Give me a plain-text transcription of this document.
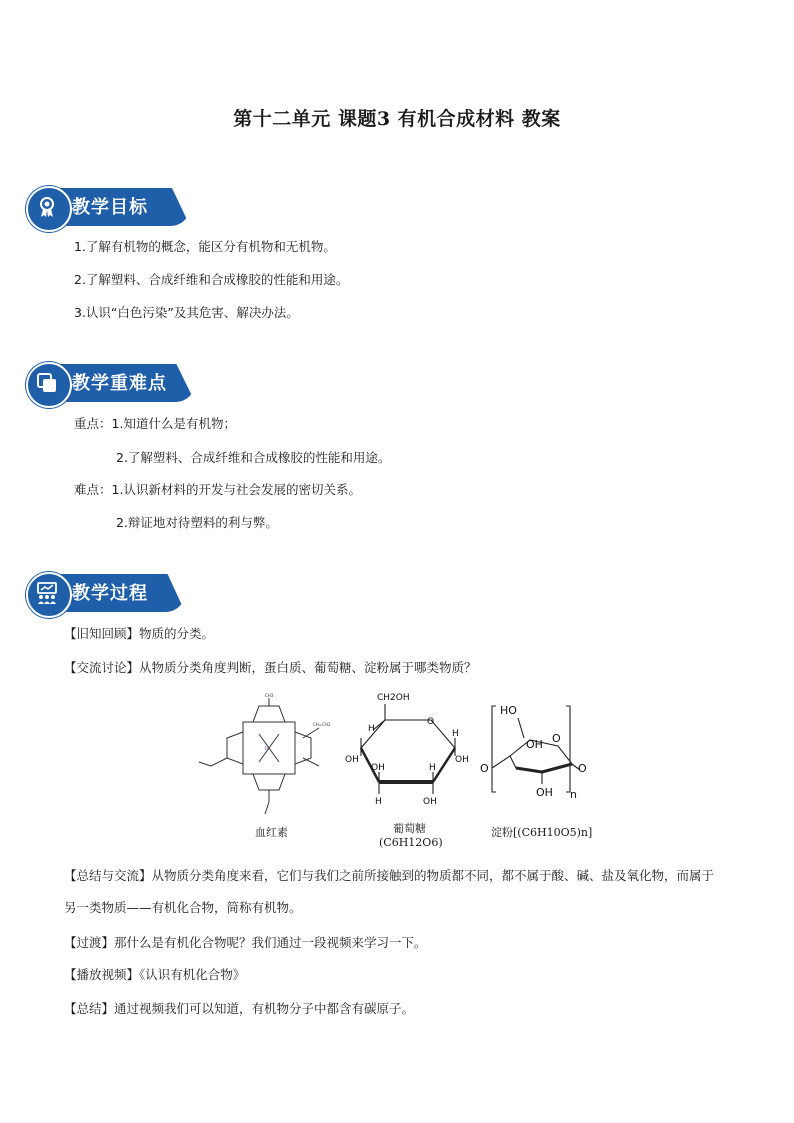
第十二单元 课题3 有机合成材料 教案
教学目标
1.了解有机物的概念，能区分有机物和无机物。
2.了解塑料、合成纤维和合成橡胶的性能和用途。
3.认识“白色污染”及其危害、解决办法。
教学重难点
重点：1.知道什么是有机物；
2.了解塑料、合成纤维和合成橡胶的性能和用途。
难点：1.认识新材料的开发与社会发展的密切关系。
2.辩证地对待塑料的利与弊。
教学过程
【旧知回顾】物质的分类。
【交流讨论】从物质分类角度判断，蛋白质、葡萄糖、淀粉属于哪类物质？
CH3
CH=CH2
Fe
CH2OH
O
H	H
OH	OH
OH	H
H	OH
HO
OH O
O	O
OH n
血红素	葡萄糖
(C6H12O6)
淀粉[(C6H10O5)n]
【总结与交流】从物质分类角度来看，它们与我们之前所接触到的物质都不同，都不属于酸、碱、盐及氧化物，而属于另一类物质——有机化合物，简称有机物。
【过渡】那什么是有机化合物呢？我们通过一段视频来学习一下。
【播放视频】《认识有机化合物》
【总结】通过视频我们可以知道，有机物分子中都含有碳原子。
